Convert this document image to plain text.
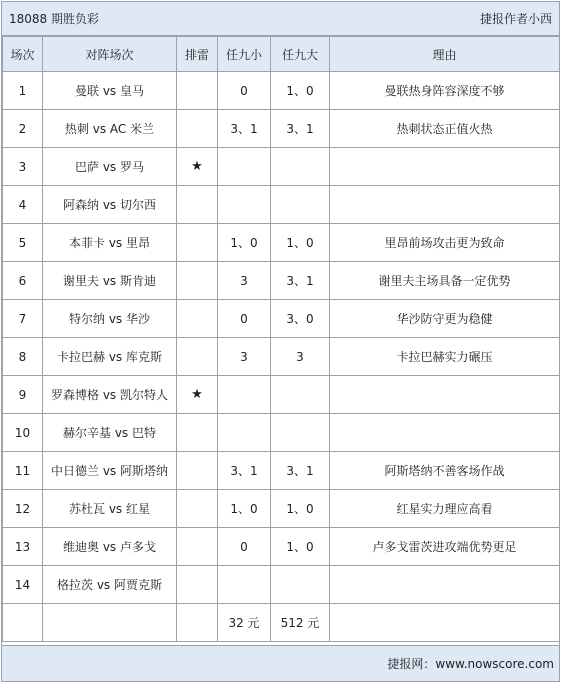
18088 期胜负彩	捷报作者小西
场次	对阵场次	排雷	任九小	任九大	理由
1	曼联 vs 皇马		0	1、0	曼联热身阵容深度不够
2	热刺 vs AC 米兰		3、1	3、1	热刺状态正值火热
3	巴萨 vs 罗马	★			
4	阿森纳 vs 切尔西				
5	本菲卡 vs 里昂		1、0	1、0	里昂前场攻击更为致命
6	谢里夫 vs 斯肯迪		3	3、1	谢里夫主场具备一定优势
7	特尔纳 vs 华沙		0	3、0	华沙防守更为稳健
8	卡拉巴赫 vs 库克斯		3	3	卡拉巴赫实力碾压
9	罗森博格 vs 凯尔特人	★			
10	赫尔辛基 vs 巴特				
11	中日德兰 vs 阿斯塔纳		3、1	3、1	阿斯塔纳不善客场作战
12	苏杜瓦 vs 红星		1、0	1、0	红星实力理应高看
13	维迪奥 vs 卢多戈		0	1、0	卢多戈雷茨进攻端优势更足
14	格拉茨 vs 阿贾克斯				
			32 元	512 元	
捷报网：www.nowscore.com
